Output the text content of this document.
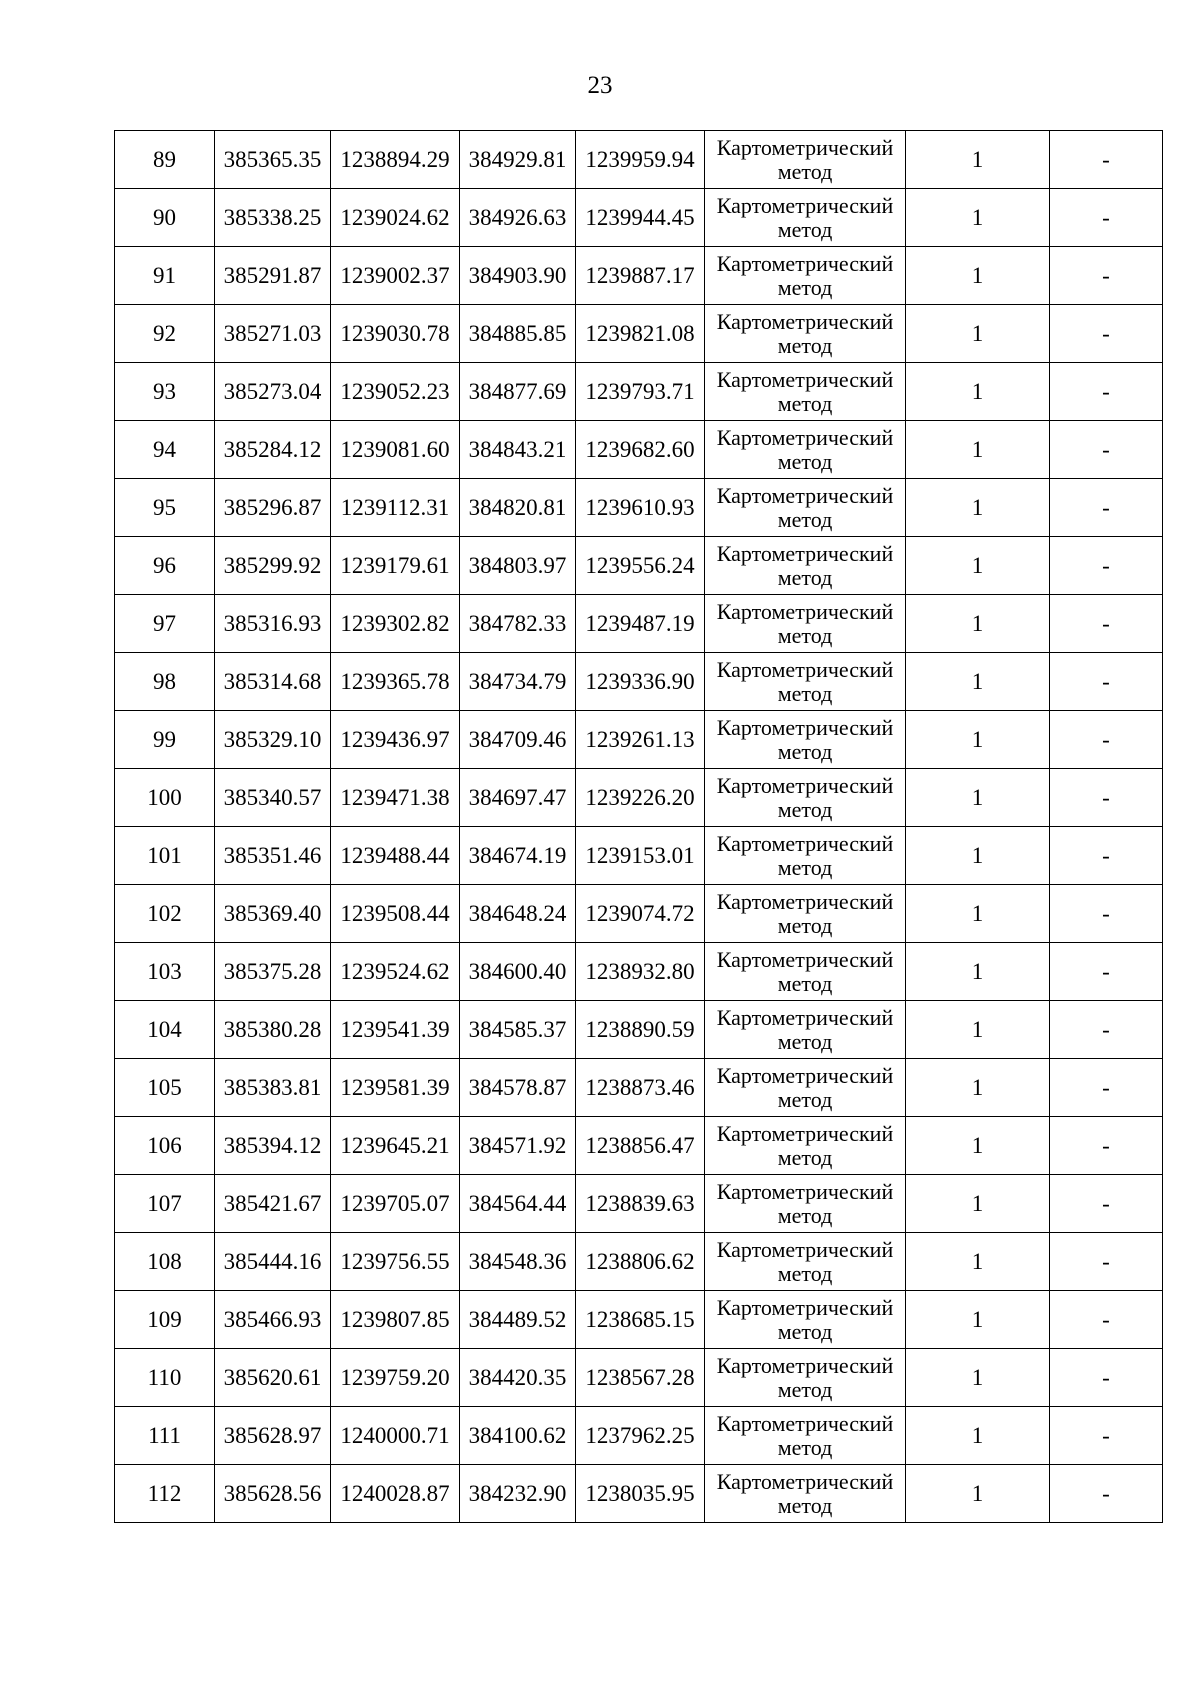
23
89	385365.35	1238894.29	384929.81	1239959.94	Картометрический метод	1	-
90	385338.25	1239024.62	384926.63	1239944.45	Картометрический метод	1	-
91	385291.87	1239002.37	384903.90	1239887.17	Картометрический метод	1	-
92	385271.03	1239030.78	384885.85	1239821.08	Картометрический метод	1	-
93	385273.04	1239052.23	384877.69	1239793.71	Картометрический метод	1	-
94	385284.12	1239081.60	384843.21	1239682.60	Картометрический метод	1	-
95	385296.87	1239112.31	384820.81	1239610.93	Картометрический метод	1	-
96	385299.92	1239179.61	384803.97	1239556.24	Картометрический метод	1	-
97	385316.93	1239302.82	384782.33	1239487.19	Картометрический метод	1	-
98	385314.68	1239365.78	384734.79	1239336.90	Картометрический метод	1	-
99	385329.10	1239436.97	384709.46	1239261.13	Картометрический метод	1	-
100	385340.57	1239471.38	384697.47	1239226.20	Картометрический метод	1	-
101	385351.46	1239488.44	384674.19	1239153.01	Картометрический метод	1	-
102	385369.40	1239508.44	384648.24	1239074.72	Картометрический метод	1	-
103	385375.28	1239524.62	384600.40	1238932.80	Картометрический метод	1	-
104	385380.28	1239541.39	384585.37	1238890.59	Картометрический метод	1	-
105	385383.81	1239581.39	384578.87	1238873.46	Картометрический метод	1	-
106	385394.12	1239645.21	384571.92	1238856.47	Картометрический метод	1	-
107	385421.67	1239705.07	384564.44	1238839.63	Картометрический метод	1	-
108	385444.16	1239756.55	384548.36	1238806.62	Картометрический метод	1	-
109	385466.93	1239807.85	384489.52	1238685.15	Картометрический метод	1	-
110	385620.61	1239759.20	384420.35	1238567.28	Картометрический метод	1	-
111	385628.97	1240000.71	384100.62	1237962.25	Картометрический метод	1	-
112	385628.56	1240028.87	384232.90	1238035.95	Картометрический метод	1	-
